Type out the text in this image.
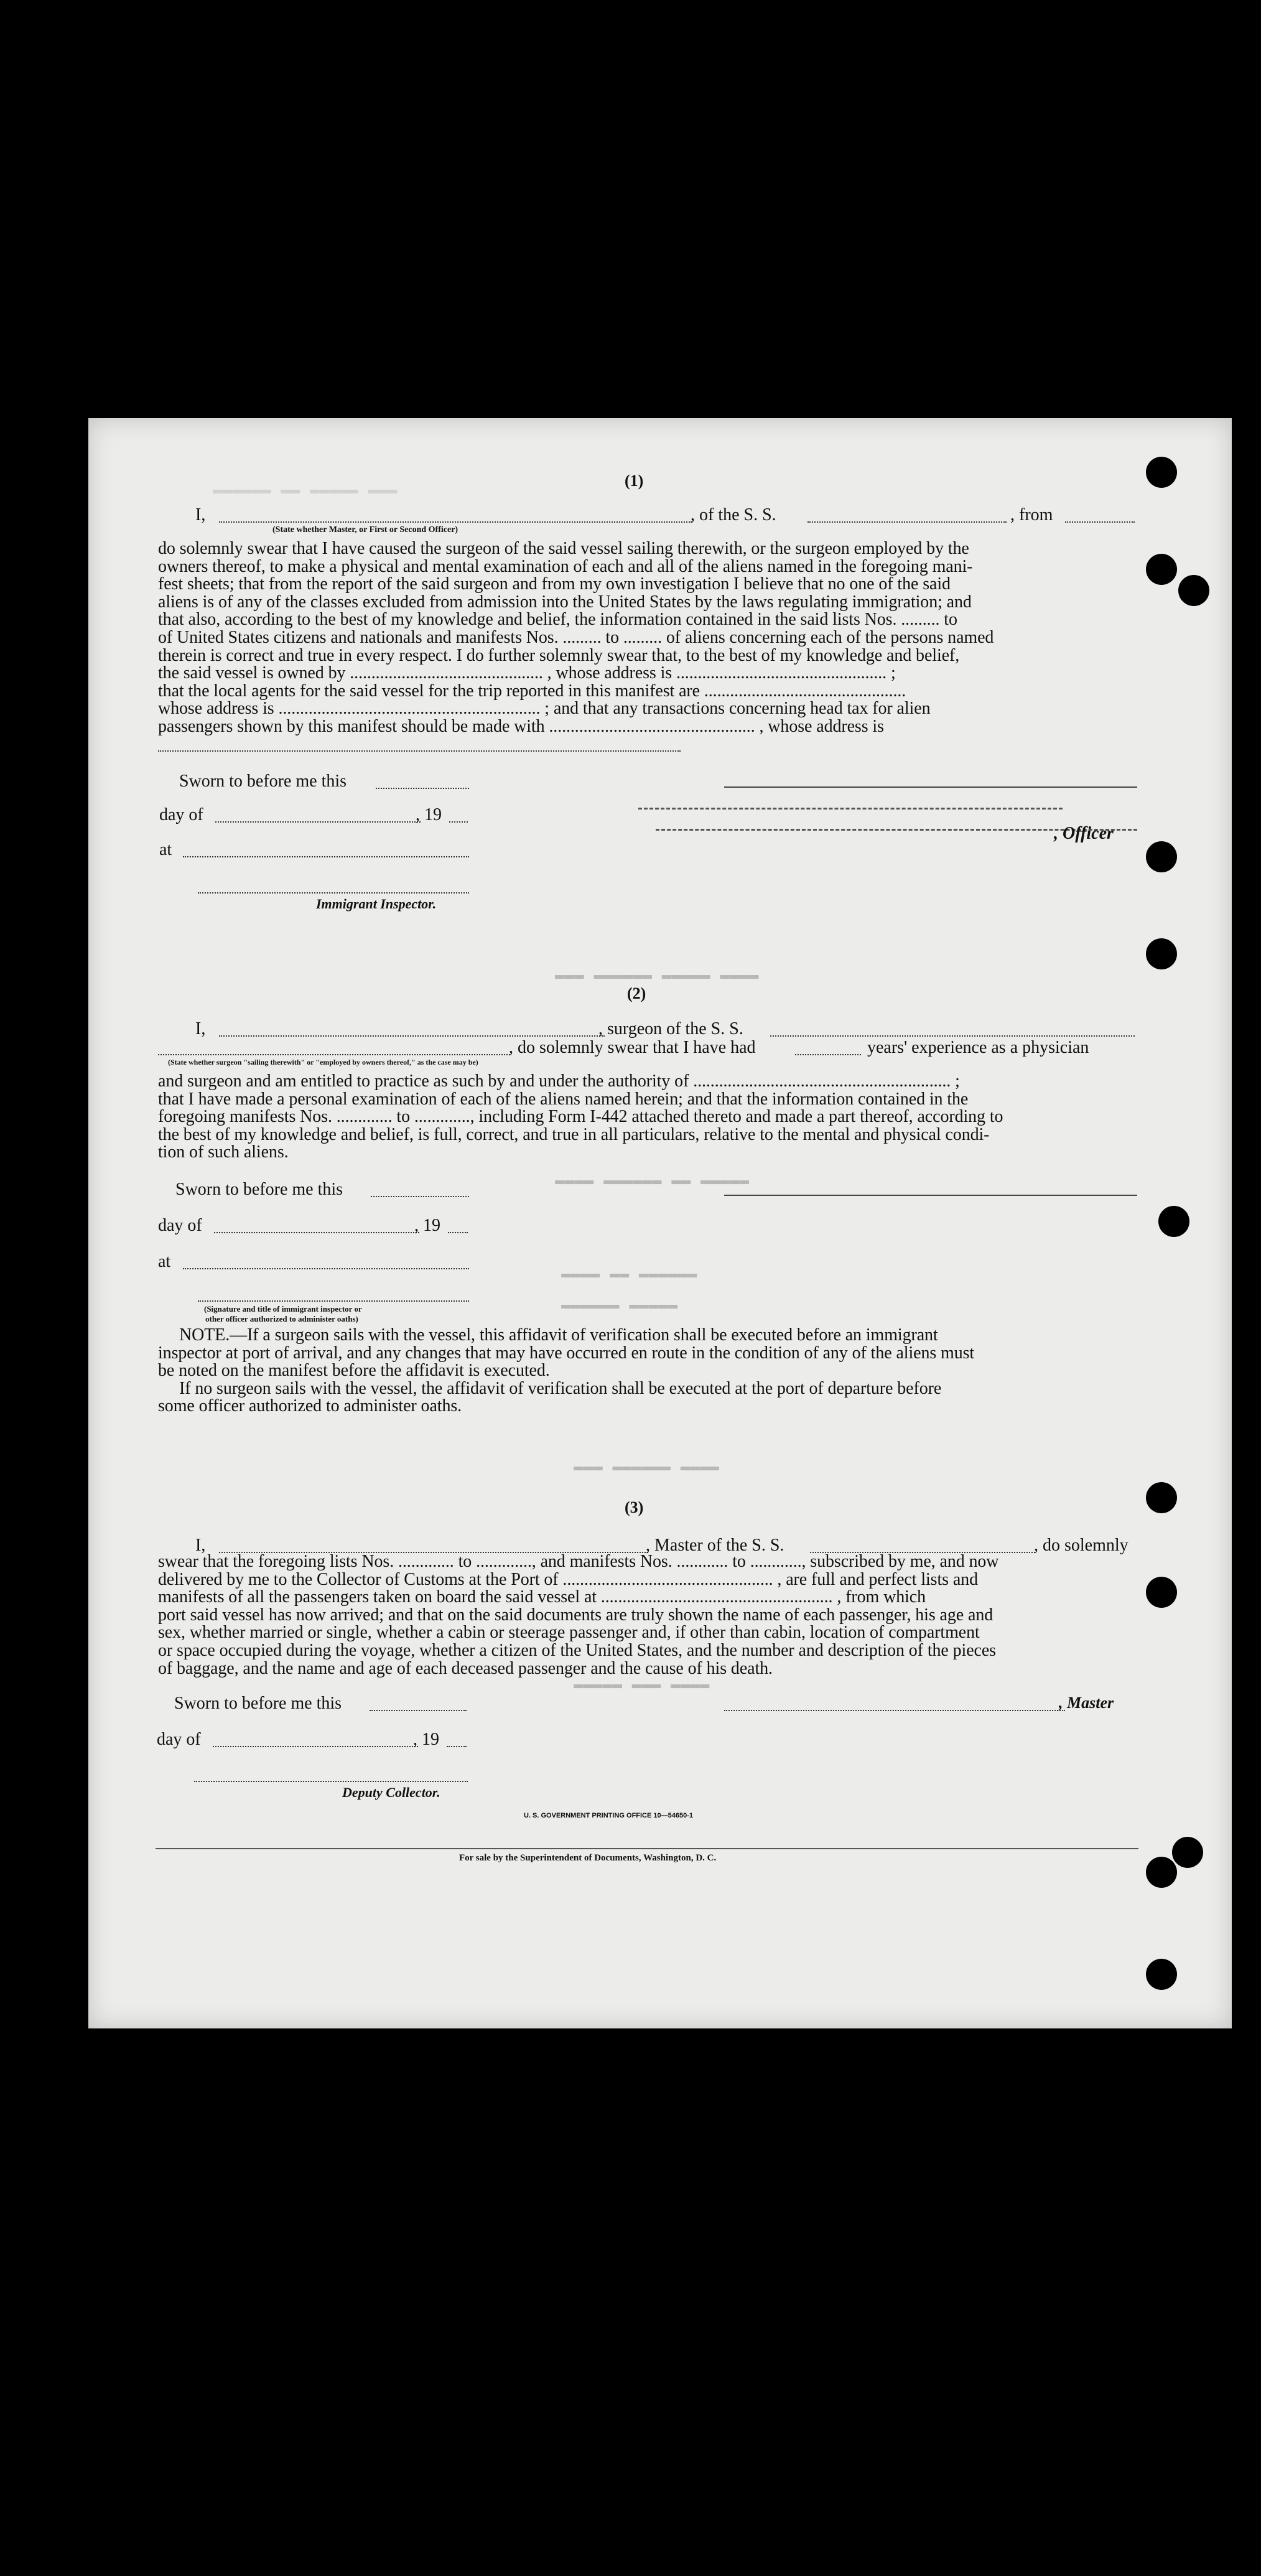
▬▬▬ ▬▬▬▬▬ ▬▬ ▬▬▬▬▬▬
▬▬▬▬ ▬▬▬▬▬ ▬▬▬▬▬▬ ▬▬▬
▬▬▬▬▬ ▬▬ ▬▬▬▬▬▬ ▬▬▬▬
▬▬▬▬▬▬ ▬▬ ▬▬▬▬
▬▬▬▬▬ ▬▬▬▬▬▬
▬▬▬▬ ▬▬▬▬▬▬ ▬▬▬
▬▬▬▬ ▬▬▬ ▬▬▬▬▬
(1)
I,	, of the S. S.	, from
(State whether Master, or First or Second Officer)
do solemnly swear that I have caused the surgeon of the said vessel sailing therewith, or the surgeon employed by the
owners thereof, to make a physical and mental examination of each and all of the aliens named in the foregoing mani-
fest sheets; that from the report of the said surgeon and from my own investigation I believe that no one of the said
aliens is of any of the classes excluded from admission into the United States by the laws regulating immigration; and
that also, according to the best of my knowledge and belief, the information contained in the said lists Nos. ......... to
of United States citizens and nationals and manifests Nos. ......... to ......... of aliens concerning each of the persons named
therein is correct and true in every respect. I do further solemnly swear that, to the best of my knowledge and belief,
the said vessel is owned by ............................................. , whose address is ................................................. ;
that the local agents for the said vessel for the trip reported in this manifest are ...............................................
whose address is ............................................................. ; and that any transactions concerning head tax for alien
passengers shown by this manifest should be made with ................................................ , whose address is
Sworn to before me this
day of	, 19
, Officer
at
Immigrant Inspector.
(2)
I,	, surgeon of the S. S.
, do solemnly swear that I have had	years' experience as a physician
(State whether surgeon "sailing therewith" or "employed by owners thereof," as the case may be)
and surgeon and am entitled to practice as such by and under the authority of ............................................................ ;
that I have made a personal examination of each of the aliens named herein; and that the information contained in the
foregoing manifests Nos. ............. to ............., including Form I-442 attached thereto and made a part thereof, according to
the best of my knowledge and belief, is full, correct, and true in all particulars, relative to the mental and physical condi-
tion of such aliens.
Sworn to before me this
day of	, 19
at
(Signature and title of immigrant inspector or
other officer authorized to administer oaths)
NOTE.—If a surgeon sails with the vessel, this affidavit of verification shall be executed before an immigrant
inspector at port of arrival, and any changes that may have occurred en route in the condition of any of the aliens must
be noted on the manifest before the affidavit is executed.
If no surgeon sails with the vessel, the affidavit of verification shall be executed at the port of departure before
some officer authorized to administer oaths.
(3)
I,	, Master of the S. S.	, do solemnly
swear that the foregoing lists Nos. ............. to ............., and manifests Nos. ............ to ............, subscribed by me, and now
delivered by me to the Collector of Customs at the Port of ................................................. , are full and perfect lists and
manifests of all the passengers taken on board the said vessel at ...................................................... , from which
port said vessel has now arrived; and that on the said documents are truly shown the name of each passenger, his age and
sex, whether married or single, whether a cabin or steerage passenger and, if other than cabin, location of compartment
or space occupied during the voyage, whether a citizen of the United States, and the number and description of the pieces
of baggage, and the name and age of each deceased passenger and the cause of his death.
Sworn to before me this	, Master
day of	, 19
Deputy Collector.
U. S. GOVERNMENT PRINTING OFFICE 10—54650-1
For sale by the Superintendent of Documents, Washington, D. C.
